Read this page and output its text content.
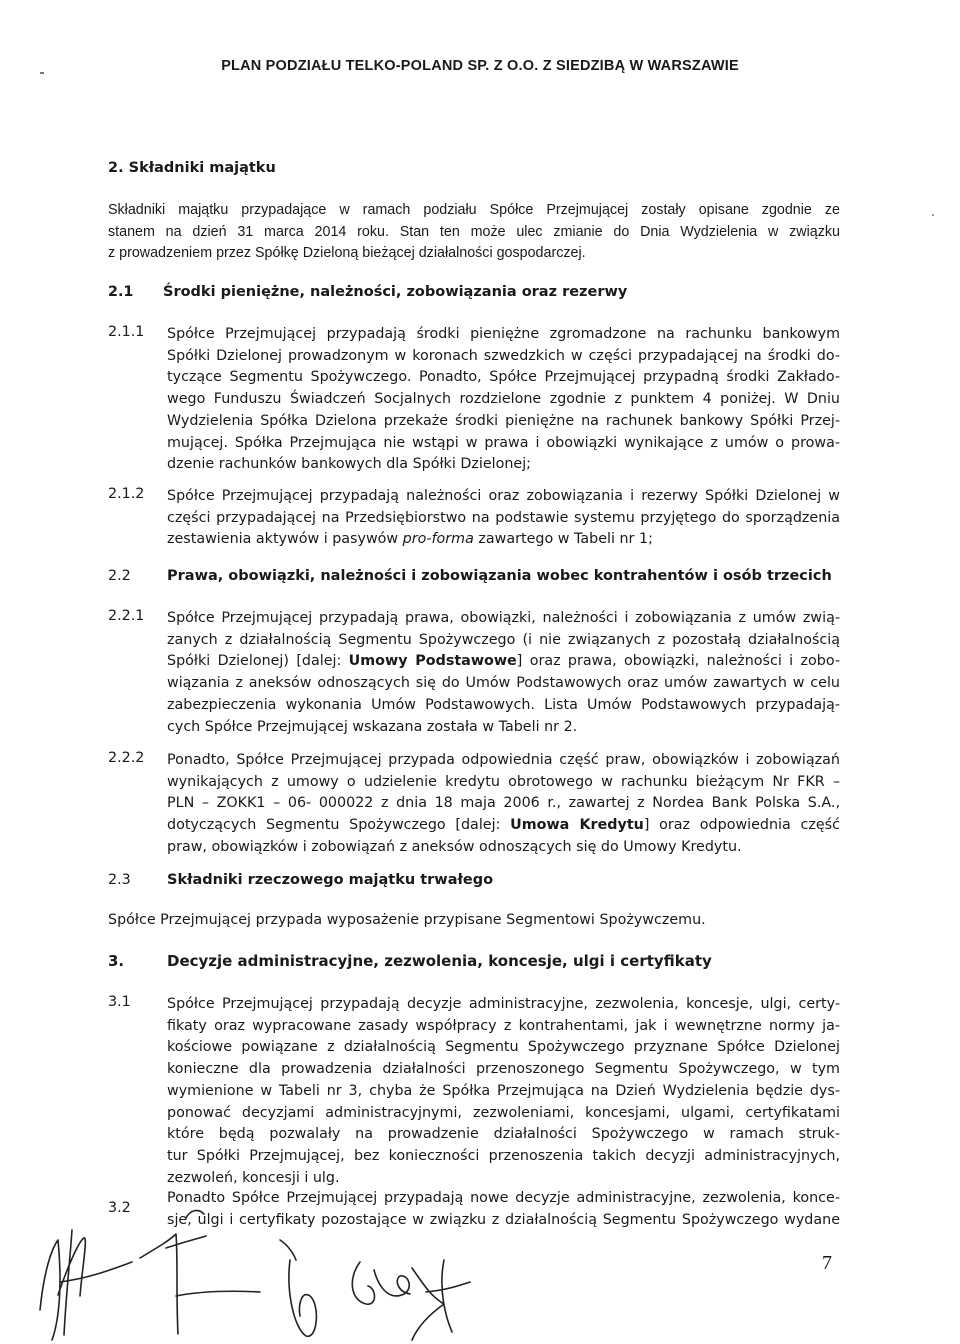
PLAN PODZIAŁU TELKO-POLAND SP. Z O.O. Z SIEDZIBĄ W WARSZAWIE
2. Składniki majątku
Składniki majątku przypadające w ramach podziału Spółce Przejmującej zostały opisane zgodnie ze
stanem na dzień 31 marca 2014 roku. Stan ten może ulec zmianie do Dnia Wydzielenia w związku
z prowadzeniem przez Spółkę Dzieloną bieżącej działalności gospodarczej.
2.1 Środki pieniężne, należności, zobowiązania oraz rezerwy
2.1.1 Spółce Przejmującej przypadają środki pieniężne zgromadzone na rachunku bankowym
Spółki Dzielonej prowadzonym w koronach szwedzkich w części przypadającej na środki do-
tyczące Segmentu Spożywczego. Ponadto, Spółce Przejmującej przypadną środki Zakłado-
wego Funduszu Świadczeń Socjalnych rozdzielone zgodnie z punktem 4 poniżej. W Dniu
Wydzielenia Spółka Dzielona przekaże środki pieniężne na rachunek bankowy Spółki Przej-
mującej. Spółka Przejmująca nie wstąpi w prawa i obowiązki wynikające z umów o prowa-
dzenie rachunków bankowych dla Spółki Dzielonej;
2.1.2 Spółce Przejmującej przypadają należności oraz zobowiązania i rezerwy Spółki Dzielonej w
części przypadającej na Przedsiębiorstwo na podstawie systemu przyjętego do sporządzenia
zestawienia aktywów i pasywów pro-forma zawartego w Tabeli nr 1;
2.2	Prawa, obowiązki, należności i zobowiązania wobec kontrahentów i osób trzecich
2.2.1 Spółce Przejmującej przypadają prawa, obowiązki, należności i zobowiązania z umów zwią-
zanych z działalnością Segmentu Spożywczego (i nie związanych z pozostałą działalnością
Spółki Dzielonej) [dalej: Umowy Podstawowe] oraz prawa, obowiązki, należności i zobo-
wiązania z aneksów odnoszących się do Umów Podstawowych oraz umów zawartych w celu
zabezpieczenia wykonania Umów Podstawowych. Lista Umów Podstawowych przypadają-
cych Spółce Przejmującej wskazana została w Tabeli nr 2.
2.2.2 Ponadto, Spółce Przejmującej przypada odpowiednia część praw, obowiązków i zobowiązań
wynikających z umowy o udzielenie kredytu obrotowego w rachunku bieżącym Nr FKR –
PLN – ZOKK1 – 06- 000022 z dnia 18 maja 2006 r., zawartej z Nordea Bank Polska S.A.,
dotyczących Segmentu Spożywczego [dalej: Umowa Kredytu] oraz odpowiednia część
praw, obowiązków i zobowiązań z aneksów odnoszących się do Umowy Kredytu.
2.3	Składniki rzeczowego majątku trwałego
Spółce Przejmującej przypada wyposażenie przypisane Segmentowi Spożywczemu.
3.	Decyzje administracyjne, zezwolenia, koncesje, ulgi i certyfikaty
3.1	Spółce Przejmującej przypadają decyzje administracyjne, zezwolenia, koncesje, ulgi, certy-
fikaty oraz wypracowane zasady współpracy z kontrahentami, jak i wewnętrzne normy ja-
kościowe powiązane z działalnością Segmentu Spożywczego przyznane Spółce Dzielonej
konieczne dla prowadzenia działalności przenoszonego Segmentu Spożywczego, w tym
wymienione w Tabeli nr 3, chyba że Spółka Przejmująca na Dzień Wydzielenia będzie dys-
ponować decyzjami administracyjnymi, zezwoleniami, koncesjami, ulgami, certyfikatami
które będą pozwalały na prowadzenie działalności Spożywczego w ramach struk-
tur Spółki Przejmującej, bez konieczności przenoszenia takich decyzji administracyjnych,
zezwoleń, koncesji i ulg.
3.2
Ponadto Spółce Przejmującej przypadają nowe decyzje administracyjne, zezwolenia, konce-
sje, ulgi i certyfikaty pozostające w związku z działalnością Segmentu Spożywczego wydane
7
